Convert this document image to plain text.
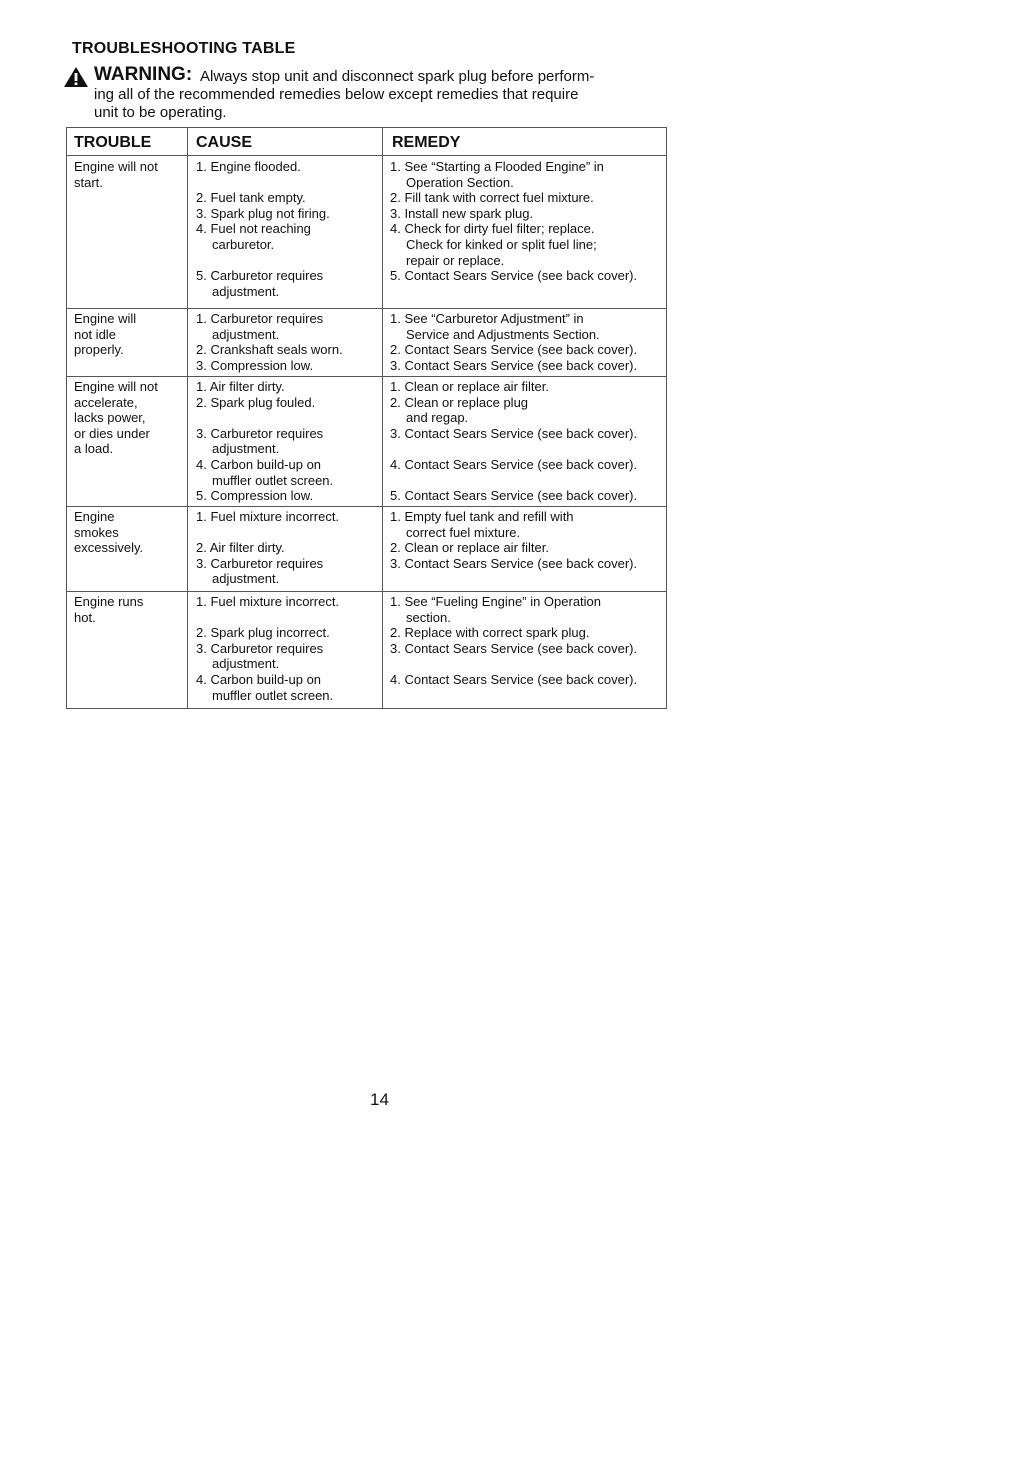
TROUBLESHOOTING TABLE
WARNING: Always stop unit and disconnect spark plug before perform-
ing all of the recommended remedies below except remedies that require
unit to be operating.
TROUBLE	CAUSE	REMEDY
Engine will not
start.
1. Engine flooded.
2. Fuel tank empty.
3. Spark plug not firing.
4. Fuel not reaching
carburetor.
5. Carburetor requires
adjustment.
1. See “Starting a Flooded Engine” in
Operation Section.
2. Fill tank with correct fuel mixture.
3. Install new spark plug.
4. Check for dirty fuel filter; replace.
Check for kinked or split fuel line;
repair or replace.
5. Contact Sears Service (see back cover).
Engine will
not idle
properly.
1. Carburetor requires
adjustment.
2. Crankshaft seals worn.
3. Compression low.
1. See “Carburetor Adjustment” in
Service and Adjustments Section.
2. Contact Sears Service (see back cover).
3. Contact Sears Service (see back cover).
Engine will not
accelerate,
lacks power,
or dies under
a load.
1. Air filter dirty.
2. Spark plug fouled.
3. Carburetor requires
adjustment.
4. Carbon build-up on
muffler outlet screen.
5. Compression low.
1. Clean or replace air filter.
2. Clean or replace plug
and regap.
3. Contact Sears Service (see back cover).
4. Contact Sears Service (see back cover).
5. Contact Sears Service (see back cover).
Engine
smokes
excessively.
1. Fuel mixture incorrect.
2. Air filter dirty.
3. Carburetor requires
adjustment.
1. Empty fuel tank and refill with
correct fuel mixture.
2. Clean or replace air filter.
3. Contact Sears Service (see back cover).
Engine runs
hot.
1. Fuel mixture incorrect.
2. Spark plug incorrect.
3. Carburetor requires
adjustment.
4. Carbon build-up on
muffler outlet screen.
1. See “Fueling Engine” in Operation
section.
2. Replace with correct spark plug.
3. Contact Sears Service (see back cover).
4. Contact Sears Service (see back cover).
14
